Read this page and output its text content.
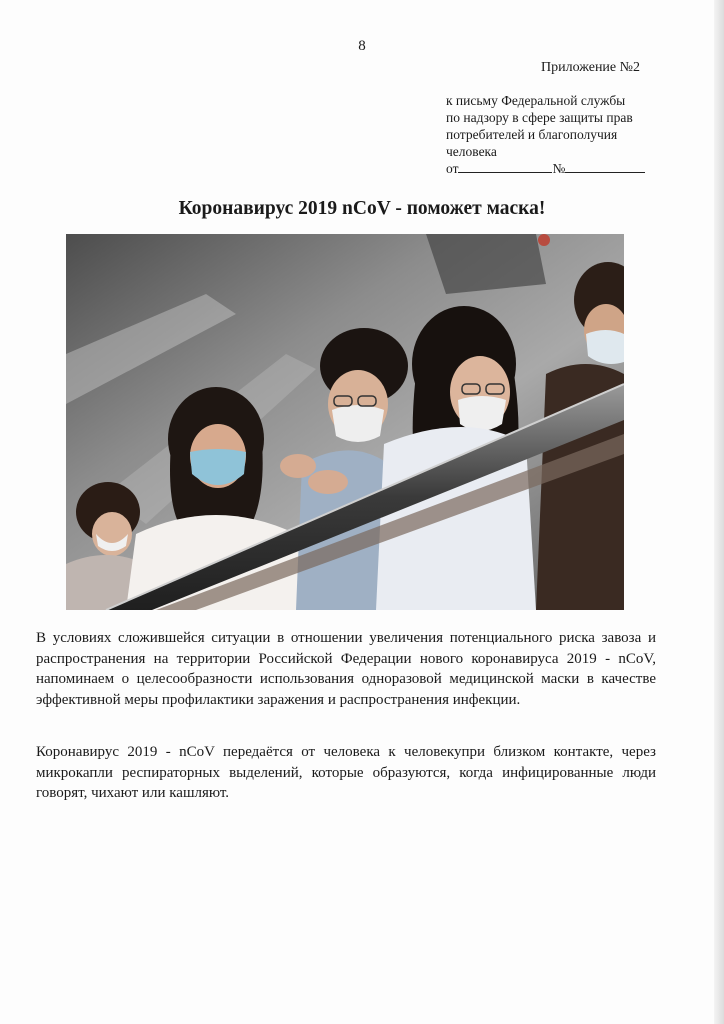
8
Приложение №2
к письму Федеральной службы
по надзору в сфере защиты прав
потребителей и благополучия
человека
от	№
Коронавирус 2019 nCoV - поможет маска!

В условиях сложившейся ситуации в отношении увеличения потенциального риска завоза и распространения на территории Российской Федерации нового коронавируса 2019 - nCoV, напоминаем о целесообразности использования одноразовой медицинской маски в качестве эффективной меры профилактики заражения и распространения инфекции.

Коронавирус 2019 - nCoV передаётся от человека к человекупри близком контакте, через микрокапли респираторных выделений, которые образуются, когда инфицированные люди говорят, чихают или кашляют.
